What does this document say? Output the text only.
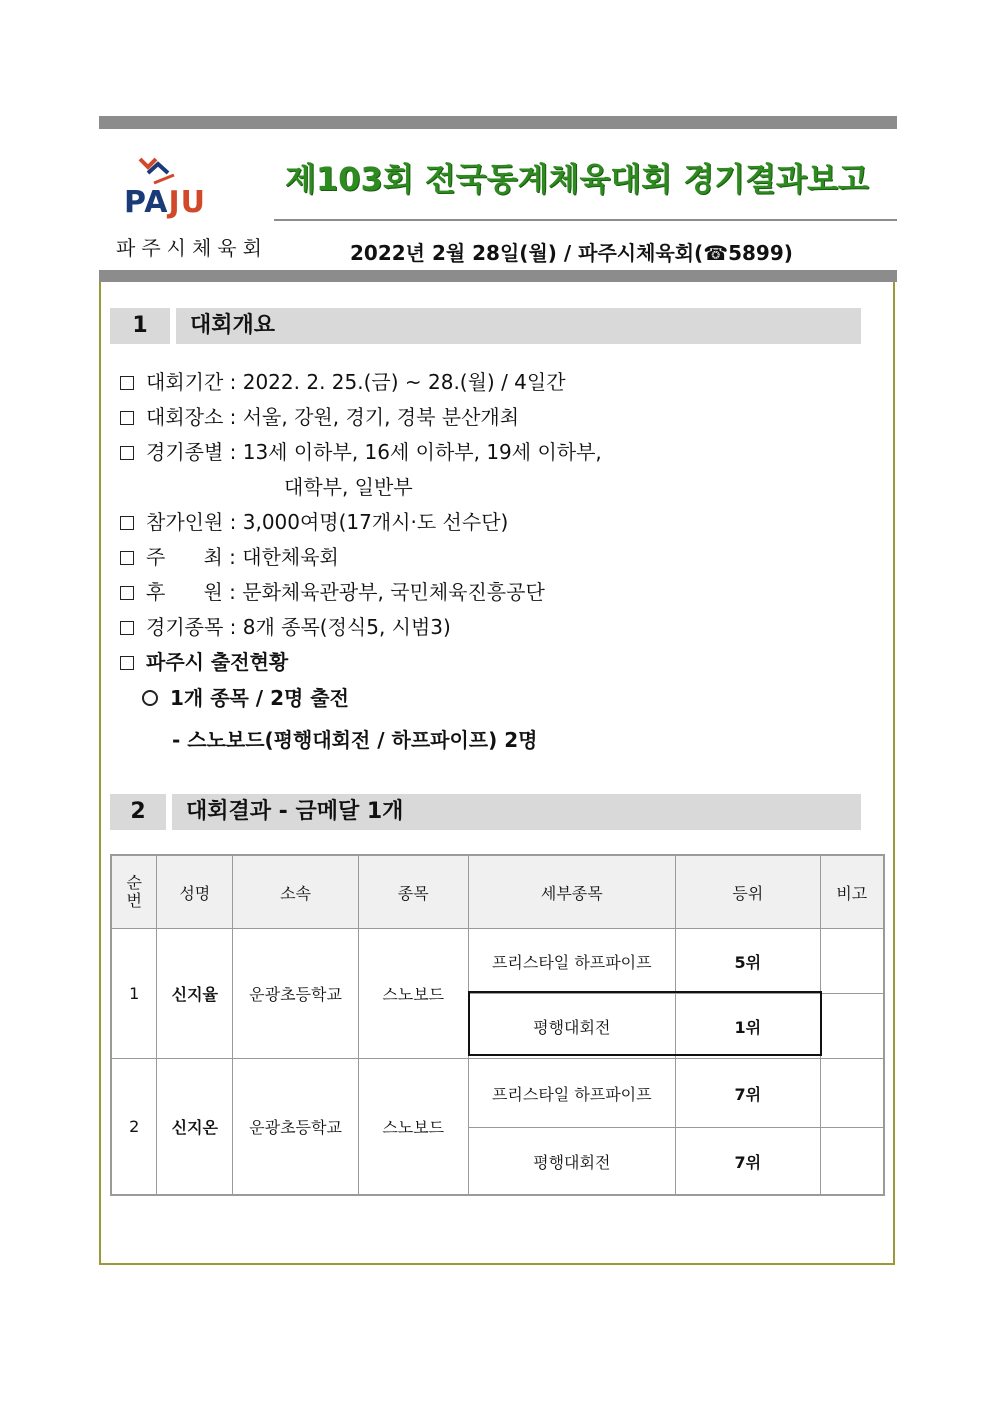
PAJU
파주시체육회
제103회 전국동계체육대회 경기결과보고
2022년 2월 28일(월) / 파주시체육회(☎5899)
1	대회개요
대회기간 : 2022. 2. 25.(금) ~ 28.(월) / 4일간
대회장소 : 서울, 강원, 경기, 경북 분산개최
경기종별 : 13세 이하부, 16세 이하부, 19세 이하부,
대학부, 일반부
참가인원 : 3,000여명(17개시·도 선수단)
주      최 : 대한체육회
후      원 : 문화체육관광부, 국민체육진흥공단
경기종목 : 8개 종목(정식5, 시범3)
파주시 출전현황
1개 종목 / 2명 출전
- 스노보드(평행대회전 / 하프파이프) 2명
2	대회결과 - 금메달 1개
순
번	성명	소속	종목	세부종목	등위	비고
1	신지율	운광초등학교	스노보드	프리스타일 하프파이프	5위	
				평행대회전	1위	
2	신지온	운광초등학교	스노보드	프리스타일 하프파이프	7위	
				평행대회전	7위	
